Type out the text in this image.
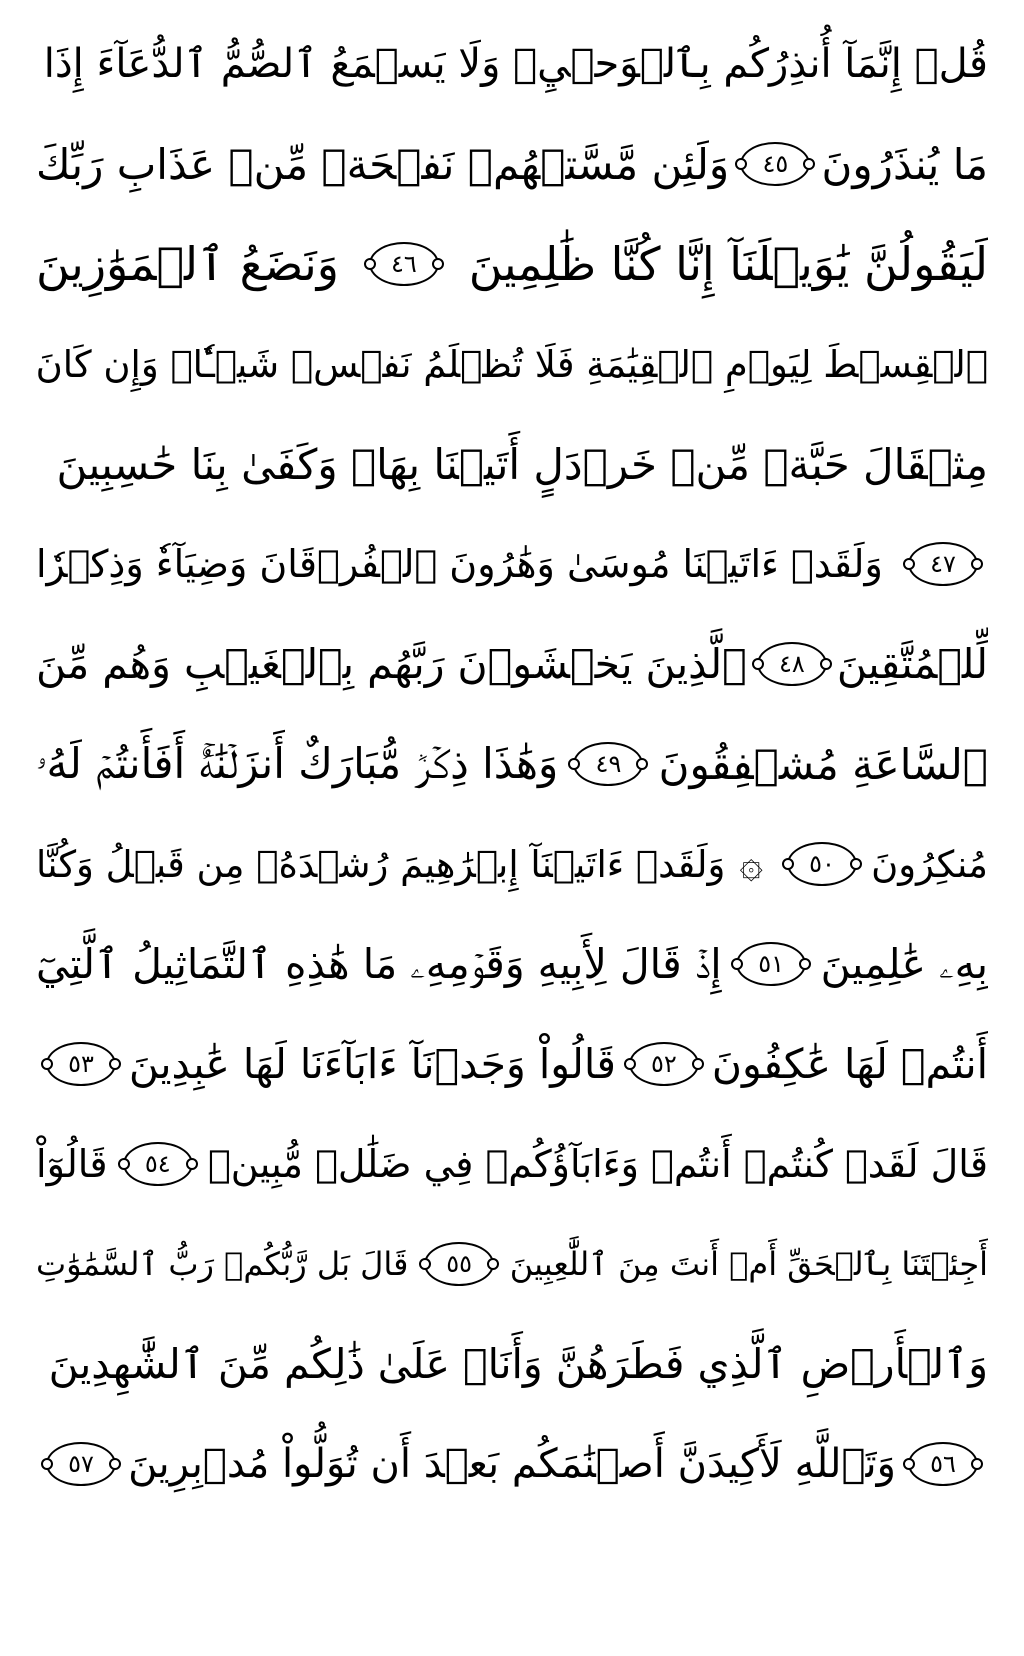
قُلۡ إِنَّمَآ أُنذِرُكُم بِٱلۡوَحۡيِۚ وَلَا يَسۡمَعُ ٱلصُّمُّ ٱلدُّعَآءَ إِذَا
مَا يُنذَرُونَ
٤٥
وَلَئِن مَّسَّتۡهُمۡ نَفۡحَةٞ مِّنۡ عَذَابِ رَبِّكَ
لَيَقُولُنَّ يَٰوَيۡلَنَآ إِنَّا كُنَّا ظَٰلِمِينَ
٤٦
وَنَضَعُ ٱلۡمَوَٰزِينَ
ٱلۡقِسۡطَ لِيَوۡمِ ٱلۡقِيَٰمَةِ فَلَا تُظۡلَمُ نَفۡسٞ شَيۡـٔٗاۖ وَإِن كَانَ
مِثۡقَالَ حَبَّةٖ مِّنۡ خَرۡدَلٍ أَتَيۡنَا بِهَاۗ وَكَفَىٰ بِنَا حَٰسِبِينَ
٤٧
وَلَقَدۡ ءَاتَيۡنَا مُوسَىٰ وَهَٰرُونَ ٱلۡفُرۡقَانَ وَضِيَآءٗ وَذِكۡرٗا
لِّلۡمُتَّقِينَ
٤٨
ٱلَّذِينَ يَخۡشَوۡنَ رَبَّهُم بِٱلۡغَيۡبِ وَهُم مِّنَ
ٱلسَّاعَةِ مُشۡفِقُونَ
٤٩
وَهَٰذَا ذِكۡرٞ مُّبَارَكٌ أَنزَلۡنَٰهُۚ أَفَأَنتُمۡ لَهُۥ
مُنكِرُونَ
٥٠
۞
وَلَقَدۡ ءَاتَيۡنَآ إِبۡرَٰهِيمَ رُشۡدَهُۥ مِن قَبۡلُ وَكُنَّا
بِهِۦ عَٰلِمِينَ
٥١
إِذۡ قَالَ لِأَبِيهِ وَقَوۡمِهِۦ مَا هَٰذِهِ ٱلتَّمَاثِيلُ ٱلَّتِيٓ
أَنتُمۡ لَهَا عَٰكِفُونَ
٥٢
قَالُواْ وَجَدۡنَآ ءَابَآءَنَا لَهَا عَٰبِدِينَ
٥٣
قَالَ لَقَدۡ كُنتُمۡ أَنتُمۡ وَءَابَآؤُكُمۡ فِي ضَلَٰلٖ مُّبِينٖ
٥٤
قَالُوٓاْ
أَجِئۡتَنَا بِٱلۡحَقِّ أَمۡ أَنتَ مِنَ ٱللَّٰعِبِينَ
٥٥
قَالَ بَل رَّبُّكُمۡ رَبُّ ٱلسَّمَٰوَٰتِ
وَٱلۡأَرۡضِ ٱلَّذِي فَطَرَهُنَّ وَأَنَا۠ عَلَىٰ ذَٰلِكُم مِّنَ ٱلشَّٰهِدِينَ
٥٦
وَتَٱللَّهِ لَأَكِيدَنَّ أَصۡنَٰمَكُم بَعۡدَ أَن تُوَلُّواْ مُدۡبِرِينَ
٥٧
